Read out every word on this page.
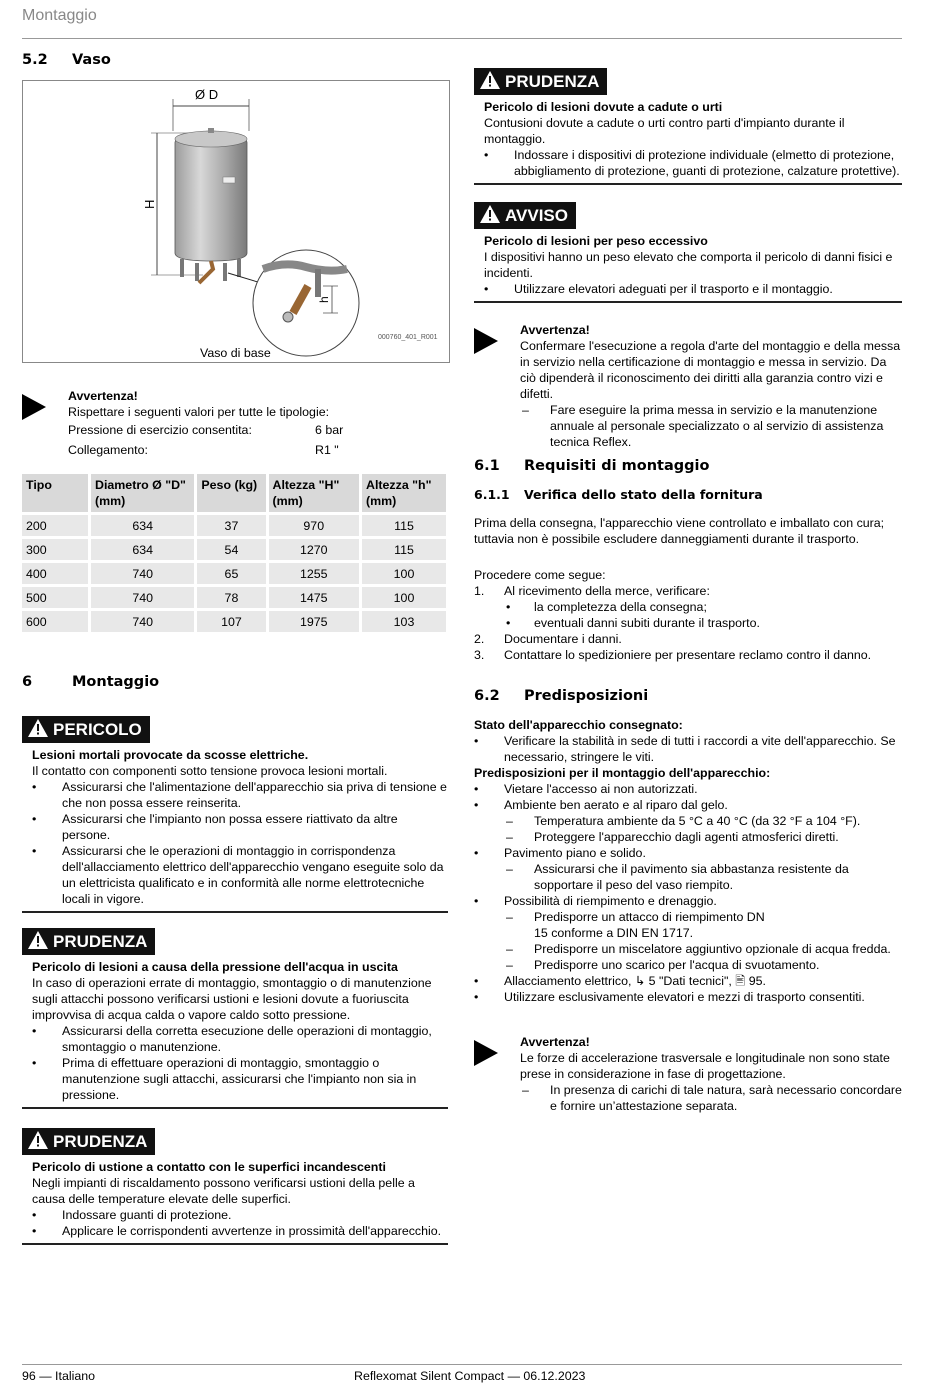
Montaggio
5.2 Vaso
Ø D
H
h
000760_401_R001
Vaso di base
Avvertenza!
Rispettare i seguenti valori per tutte le tipologie:
Pressione di esercizio consentita:	6 bar
Collegamento:	R1 "
Tipo	Diametro Ø "D" (mm)	Peso (kg)	Altezza "H" (mm)	Altezza "h" (mm)
200	634	37	970	115
300	634	54	1270	115
400	740	65	1255	100
500	740	78	1475	100
600	740	107	1975	103
6	Montaggio
PERICOLO
Lesioni mortali provocate da scosse elettriche.
Il contatto con componenti sotto tensione provoca lesioni mortali.
• Assicurarsi che l'alimentazione dell'apparecchio sia priva di tensione e che non possa essere reinserita.
• Assicurarsi che l'impianto non possa essere riattivato da altre persone.
• Assicurarsi che le operazioni di montaggio in corrispondenza dell'allacciamento elettrico dell'apparecchio vengano eseguite solo da un elettricista qualificato e in conformità alle norme elettrotecniche locali in vigore.
PRUDENZA
Pericolo di lesioni a causa della pressione dell'acqua in uscita
In caso di operazioni errate di montaggio, smontaggio o di manutenzione sugli attacchi possono verificarsi ustioni e lesioni dovute a fuoriuscita improvvisa di acqua calda o vapore caldo sotto pressione.
• Assicurarsi della corretta esecuzione delle operazioni di montaggio, smontaggio o manutenzione.
• Prima di effettuare operazioni di montaggio, smontaggio o manutenzione sugli attacchi, assicurarsi che l'impianto non sia in pressione.
PRUDENZA
Pericolo di ustione a contatto con le superfici incandescenti
Negli impianti di riscaldamento possono verificarsi ustioni della pelle a causa delle temperature elevate delle superfici.
• Indossare guanti di protezione.
• Applicare le corrispondenti avvertenze in prossimità dell'apparecchio.
PRUDENZA
Pericolo di lesioni dovute a cadute o urti
Contusioni dovute a cadute o urti contro parti d'impianto durante il montaggio.
• Indossare i dispositivi di protezione individuale (elmetto di protezione, abbigliamento di protezione, guanti di protezione, calzature protettive).
AVVISO
Pericolo di lesioni per peso eccessivo
I dispositivi hanno un peso elevato che comporta il pericolo di danni fisici e incidenti.
• Utilizzare elevatori adeguati per il trasporto e il montaggio.
Avvertenza!
Confermare l'esecuzione a regola d'arte del montaggio e della messa in servizio nella certificazione di montaggio e messa in servizio. Da ciò dipenderà il riconoscimento dei diritti alla garanzia contro vizi e difetti.
– Fare eseguire la prima messa in servizio e la manutenzione annuale al personale specializzato o al servizio di assistenza tecnica Reflex.
6.1 Requisiti di montaggio
6.1.1 Verifica dello stato della fornitura
Prima della consegna, l'apparecchio viene controllato e imballato con cura; tuttavia non è possibile escludere danneggiamenti durante il trasporto.
Procedere come segue:
1. Al ricevimento della merce, verificare:
• la completezza della consegna;
• eventuali danni subiti durante il trasporto.
2. Documentare i danni.
3. Contattare lo spedizioniere per presentare reclamo contro il danno.
6.2 Predisposizioni
Stato dell'apparecchio consegnato:
• Verificare la stabilità in sede di tutti i raccordi a vite dell'apparecchio. Se necessario, stringere le viti.
Predisposizioni per il montaggio dell'apparecchio:
• Vietare l'accesso ai non autorizzati.
• Ambiente ben aerato e al riparo dal gelo.
– Temperatura ambiente da 5 °C a 40 °C (da 32 °F a 104 °F).
– Proteggere l'apparecchio dagli agenti atmosferici diretti.
• Pavimento piano e solido.
– Assicurarsi che il pavimento sia abbastanza resistente da sopportare il peso del vaso riempito.
• Possibilità di riempimento e drenaggio.
– Predisporre un attacco di riempimento DN 15 conforme a DIN EN 1717.
– Predisporre un miscelatore aggiuntivo opzionale di acqua fredda.
– Predisporre uno scarico per l'acqua di svuotamento.
• Allacciamento elettrico, ↳ 5 "Dati tecnici", 🖹 95.
• Utilizzare esclusivamente elevatori e mezzi di trasporto consentiti.
Avvertenza!
Le forze di accelerazione trasversale e longitudinale non sono state prese in considerazione in fase di progettazione.
– In presenza di carichi di tale natura, sarà necessario concordare e fornire un’attestazione separata.
96 — Italiano	Reflexomat Silent Compact — 06.12.2023
